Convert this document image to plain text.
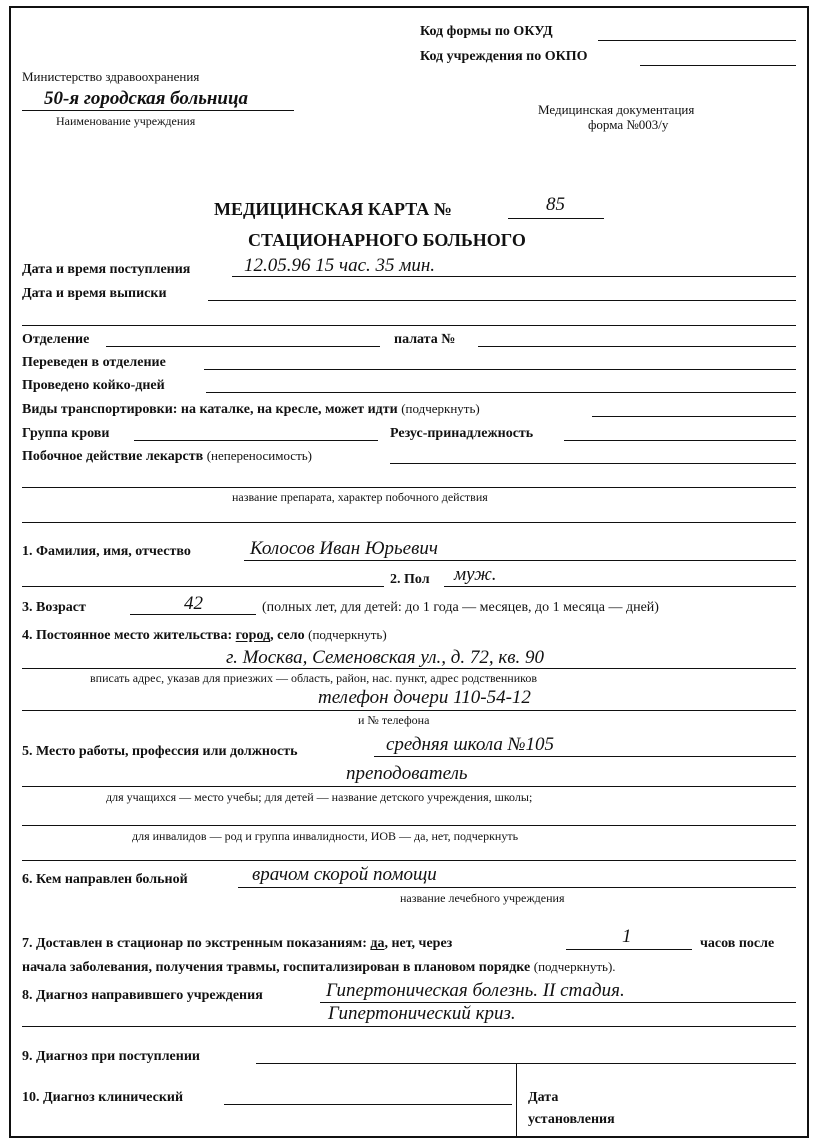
Код формы по ОКУД
Код учреждения по ОКПО
Министерство здравоохранения
50-я городская больница
Наименование учреждения
Медицинская документация
форма №003/у
МЕДИЦИНСКАЯ КАРТА №	85
СТАЦИОНАРНОГО БОЛЬНОГО
Дата и время поступления	12.05.96 15 час. 35 мин.
Дата и время выписки
Отделение	палата №
Переведен в отделение
Проведено койко-дней
Виды транспортировки: на каталке, на кресле, может идти (подчеркнуть)
Группа крови	Резус-принадлежность
Побочное действие лекарств (непереносимость)
название препарата, характер побочного действия
1. Фамилия, имя, отчество	Колосов Иван Юрьевич
2. Пол муж.
3. Возраст	42	(полных лет, для детей: до 1 года — месяцев, до 1 месяца — дней)
4. Постоянное место жительства: город, село (подчеркнуть)
г. Москва, Семеновская ул., д. 72, кв. 90
вписать адрес, указав для приезжих — область, район, нас. пункт, адрес родственников
телефон дочери 110-54-12
и № телефона
5. Место работы, профессия или должность	средняя школа №105
преподователь
для учащихся — место учебы; для детей — название детского учреждения, школы;
для инвалидов — род и группа инвалидности, ИОВ — да, нет, подчеркнуть
6. Кем направлен больной	врачом скорой помощи
название лечебного учреждения
7. Доставлен в стационар по экстренным показаниям: да, нет, через	1	часов после
начала заболевания, получения травмы, госпитализирован в плановом порядке (подчеркнуть).
8. Диагноз направившего учреждения	Гипертоническая болезнь. II стадия.
Гипертонический криз.
9. Диагноз при поступлении
10. Диагноз клинический	Дата
установления
